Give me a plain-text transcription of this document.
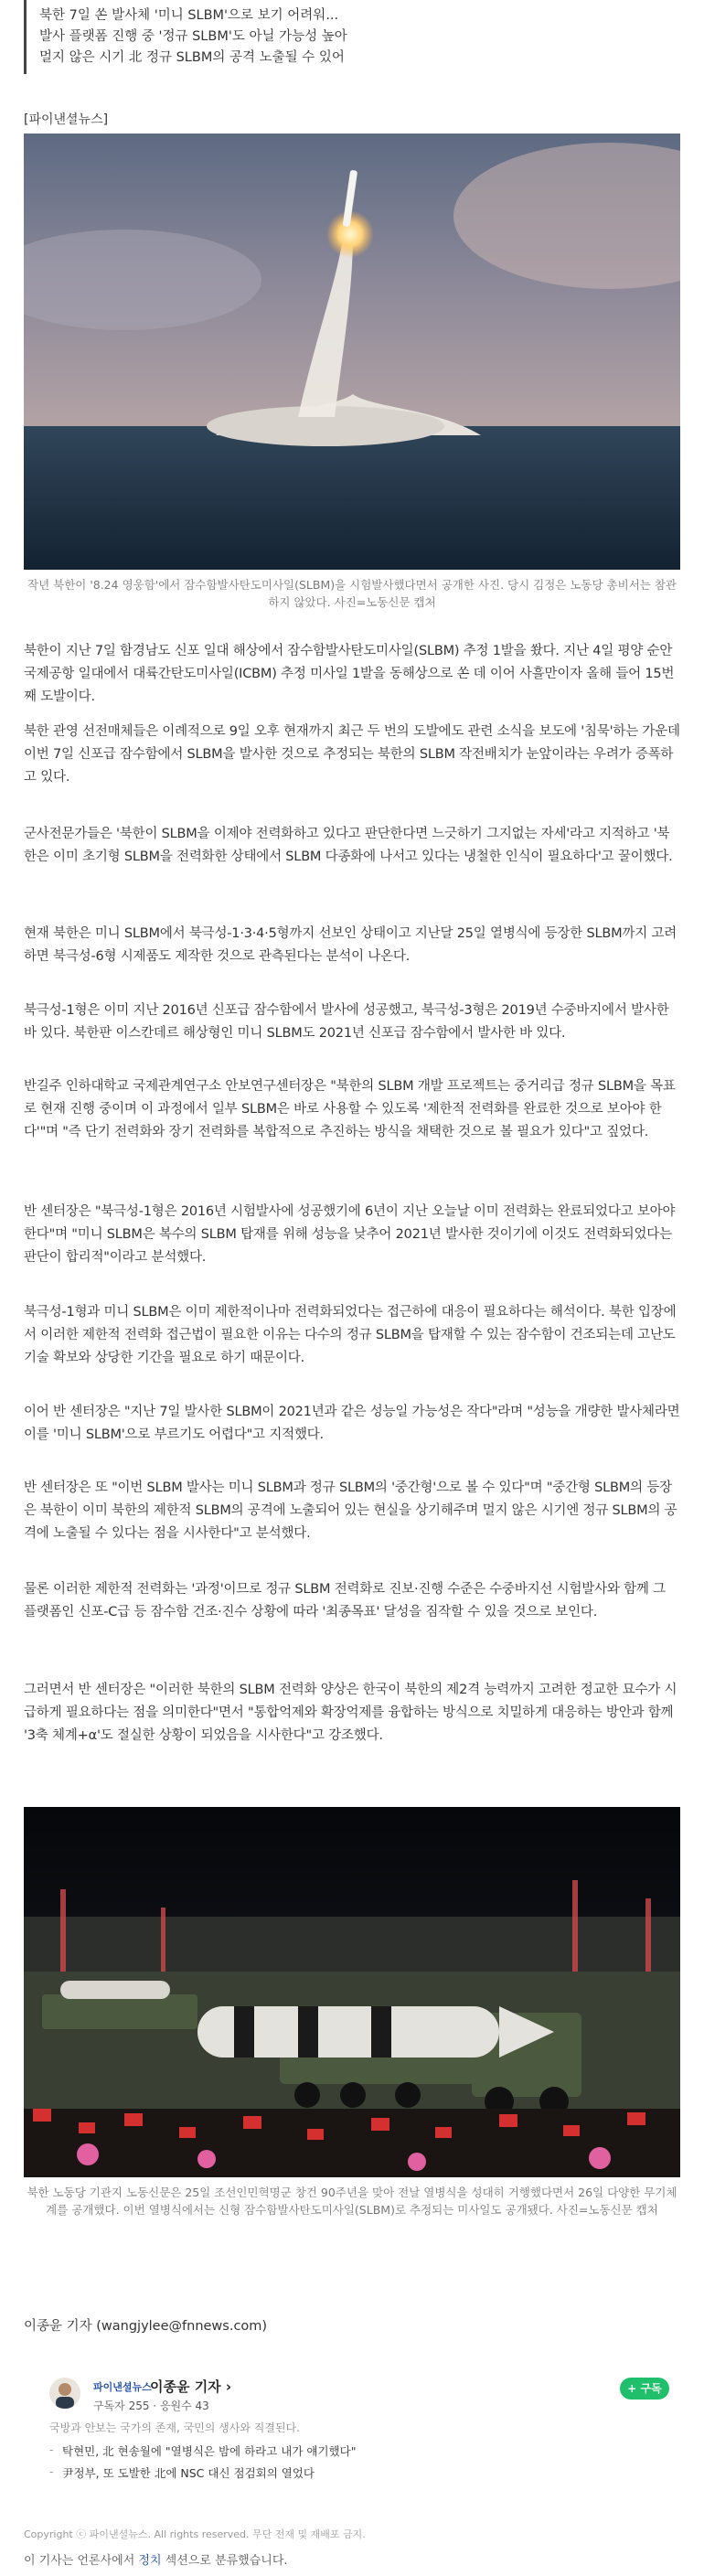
북한 7일 쏜 발사체 '미니 SLBM'으로 보기 어려워...
발사 플랫폼 진행 중 '정규 SLBM'도 아닐 가능성 높아
멀지 않은 시기 北 정규 SLBM의 공격 노출될 수 있어
[파이낸셜뉴스]
작년 북한이 '8.24 영웅함'에서 잠수함발사탄도미사일(SLBM)을 시험발사했다면서 공개한 사진. 당시 김정은 노동당 총비서는 참관하지 않았다. 사진=노동신문 캡처

북한이 지난 7일 함경남도 신포 일대 해상에서 잠수함발사탄도미사일(SLBM) 추정 1발을 쐈다. 지난 4일 평양 순안국제공항 일대에서 대륙간탄도미사일(ICBM) 추정 미사일 1발을 동해상으로 쏜 데 이어 사흘만이자 올해 들어 15번째 도발이다.

북한 관영 선전매체들은 이례적으로 9일 오후 현재까지 최근 두 번의 도발에도 관련 소식을 보도에 '침묵'하는 가운데 이번 7일 신포급 잠수함에서 SLBM을 발사한 것으로 추정되는 북한의 SLBM 작전배치가 눈앞이라는 우려가 증폭하고 있다.

군사전문가들은 '북한이 SLBM을 이제야 전력화하고 있다고 판단한다면 느긋하기 그지없는 자세'라고 지적하고 '북한은 이미 초기형 SLBM을 전력화한 상태에서 SLBM 다종화에 나서고 있다는 냉철한 인식이 필요하다'고 꿀이했다.

현재 북한은 미니 SLBM에서 북극성-1·3·4·5형까지 선보인 상태이고 지난달 25일 열병식에 등장한 SLBM까지 고려하면 북극성-6형 시제품도 제작한 것으로 관측된다는 분석이 나온다.

북극성-1형은 이미 지난 2016년 신포급 잠수함에서 발사에 성공했고, 북극성-3형은 2019년 수중바지에서 발사한 바 있다. 북한판 이스칸데르 해상형인 미니 SLBM도 2021년 신포급 잠수함에서 발사한 바 있다.

반길주 인하대학교 국제관계연구소 안보연구센터장은 "북한의 SLBM 개발 프로젝트는 중거리급 정규 SLBM을 목표로 현재 진행 중이며 이 과정에서 일부 SLBM은 바로 사용할 수 있도록 '제한적 전력화를 완료한 것으로 보아야 한다'"며 "즉 단기 전력화와 장기 전력화를 복합적으로 추진하는 방식을 채택한 것으로 볼 필요가 있다"고 짚었다.

반 센터장은 "북극성-1형은 2016년 시험발사에 성공했기에 6년이 지난 오늘날 이미 전력화는 완료되었다고 보아야 한다"며 "미니 SLBM은 복수의 SLBM 탑재를 위해 성능을 낮추어 2021년 발사한 것이기에 이것도 전력화되었다는 판단이 합리적"이라고 분석했다.

북극성-1형과 미니 SLBM은 이미 제한적이나마 전력화되었다는 접근하에 대응이 필요하다는 해석이다. 북한 입장에서 이러한 제한적 전력화 접근법이 필요한 이유는 다수의 정규 SLBM을 탑재할 수 있는 잠수함이 건조되는데 고난도 기술 확보와 상당한 기간을 필요로 하기 때문이다.

이어 반 센터장은 "지난 7일 발사한 SLBM이 2021년과 같은 성능일 가능성은 작다"라며 "성능을 개량한 발사체라면 이를 '미니 SLBM'으로 부르기도 어렵다"고 지적했다.

반 센터장은 또 "이번 SLBM 발사는 미니 SLBM과 정규 SLBM의 '중간형'으로 볼 수 있다"며 "중간형 SLBM의 등장은 북한이 이미 북한의 제한적 SLBM의 공격에 노출되어 있는 현실을 상기해주며 멀지 않은 시기엔 정규 SLBM의 공격에 노출될 수 있다는 점을 시사한다"고 분석했다.

물론 이러한 제한적 전력화는 '과정'이므로 정규 SLBM 전력화로 진보·진행 수준은 수중바지선 시험발사와 함께 그 플랫폼인 신포-C급 등 잠수함 건조·진수 상황에 따라 '최종목표' 달성을 짐작할 수 있을 것으로 보인다.

그러면서 반 센터장은 "이러한 북한의 SLBM 전력화 양상은 한국이 북한의 제2격 능력까지 고려한 정교한 묘수가 시급하게 필요하다는 점을 의미한다"면서 "통합억제와 확장억제를 융합하는 방식으로 치밀하게 대응하는 방안과 함께 '3축 체계+α'도 절실한 상황이 되었음을 시사한다"고 강조했다.

북한 노동당 기관지 노동신문은 25일 조선인민혁명군 창건 90주년을 맞아 전날 열병식을 성대히 거행했다면서 26일 다양한 무기체계를 공개했다. 이번 열병식에서는 신형 잠수함발사탄도미사일(SLBM)로 추정되는 미사일도 공개됐다. 사진=노동신문 캡처
이종윤 기자 (wangjylee@fnnews.com)
파이낸셜뉴스
이종윤 기자 ›
구독자 255 · 응원수 43
+ 구독
국방과 안보는 국가의 존재, 국민의 생사와 직결된다.
- 탁현민, 北 현송월에 "열병식은 밤에 하라고 내가 얘기했다"
- 尹정부, 또 도발한 北에 NSC 대신 점검회의 열었다
Copyright ⓒ 파이낸셜뉴스. All rights reserved. 무단 전재 및 재배포 금지.
이 기사는 언론사에서 정치 섹션으로 분류했습니다.
